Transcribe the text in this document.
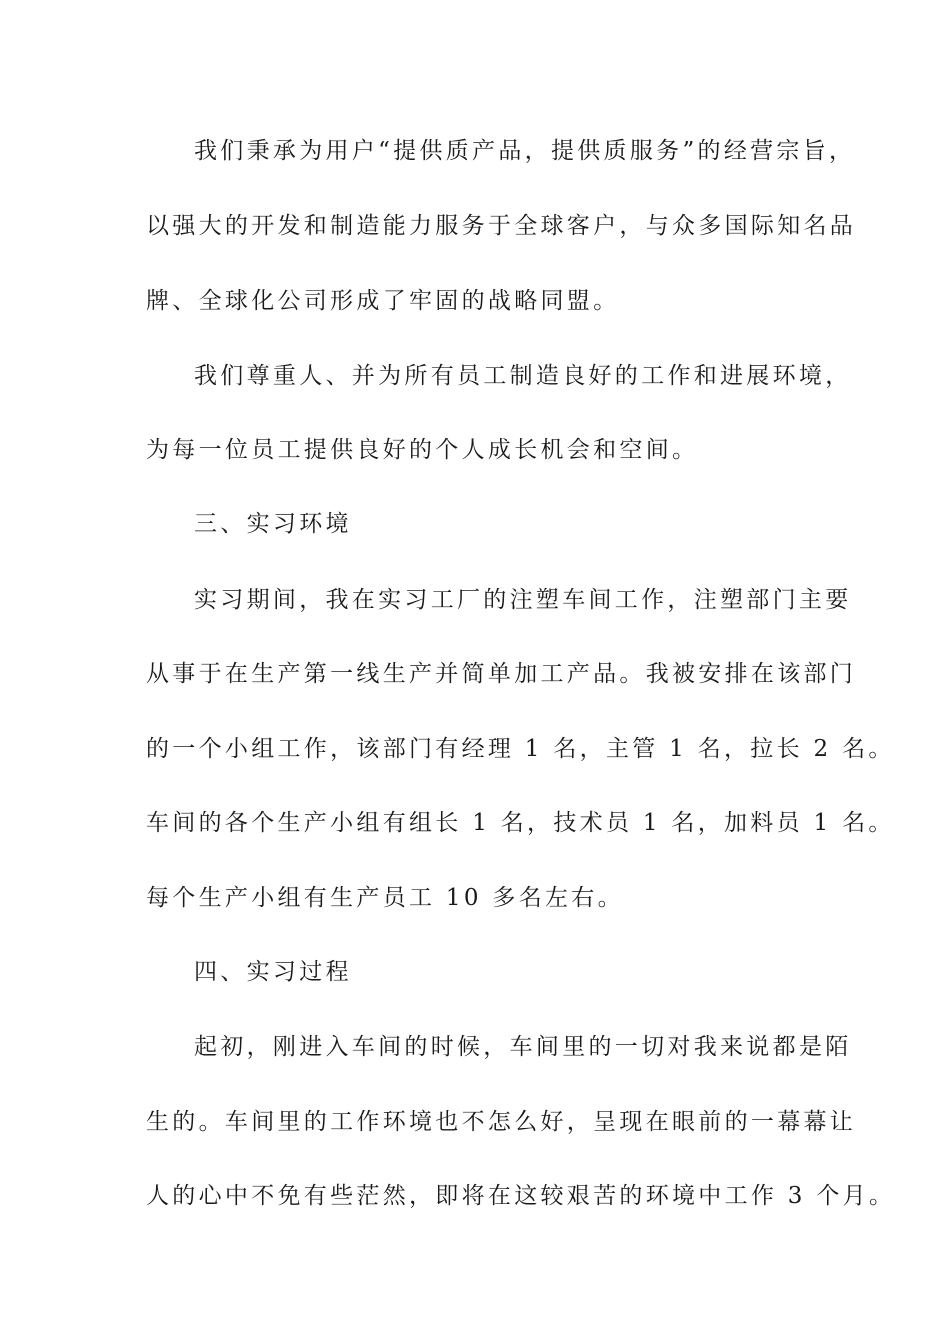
我们秉承为用户“提供质产品，提供质服务”的经营宗旨，
以强大的开发和制造能力服务于全球客户，与众多国际知名品
牌、全球化公司形成了牢固的战略同盟。
我们尊重人、并为所有员工制造良好的工作和进展环境，
为每一位员工提供良好的个人成长机会和空间。
三、实习环境
实习期间，我在实习工厂的注塑车间工作，注塑部门主要
从事于在生产第一线生产并简单加工产品。我被安排在该部门
的一个小组工作，该部门有经理 1 名，主管 1 名，拉长 2 名。
车间的各个生产小组有组长 1 名，技术员 1 名，加料员 1 名。
每个生产小组有生产员工 10 多名左右。
四、实习过程
起初，刚进入车间的时候，车间里的一切对我来说都是陌
生的。车间里的工作环境也不怎么好，呈现在眼前的一幕幕让
人的心中不免有些茫然，即将在这较艰苦的环境中工作 3 个月。
